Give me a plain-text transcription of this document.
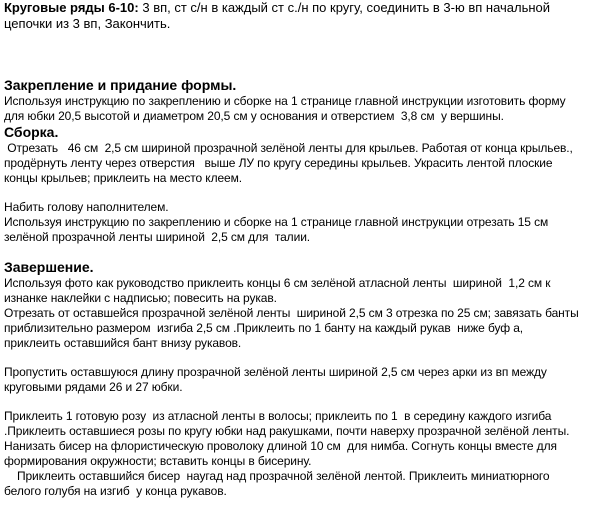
Круговые ряды 6-10: 3 вп, ст с/н в каждый ст с./н по кругу, соединить в 3-ю вп начальной цепочки из 3 вп, Закончить.

Закрепление и придание формы.

Используя инструкцию по закреплению и сборке на 1 странице главной инструкции изготовить форму для юбки 20,5 высотой и диаметром 20,5 см у основания и отверстием  3,8 см  у вершины.

Сборка.

Отрезать   46 см  2,5 см шириной прозрачной зелёной ленты для крыльев. Работая от конца крыльев., продёрнуть ленту через отверстия   выше ЛУ по кругу середины крыльев. Украсить лентой плоские концы крыльев; приклеить на место клеем.

Набить голову наполнителем.

Используя инструкцию по закреплению и сборке на 1 странице главной инструкции отрезать 15 см зелёной прозрачной ленты шириной  2,5 см для  талии.

Завершение.

Используя фото как руководство приклеить концы 6 см зелёной атласной ленты  шириной  1,2 см к изнанке наклейки с надписью; повесить на рукав.

Отрезать от оставшейся прозрачной зелёной ленты  шириной 2,5 см 3 отрезка по 25 см; завязать банты приблизительно размером  изгиба 2,5 см .Приклеить по 1 банту на каждый рукав  ниже буф а, приклеить оставшийся бант внизу рукавов.

Пропустить оставшуюся длину прозрачной зелёной ленты шириной 2,5 см через арки из вп между круговыми рядами 26 и 27 юбки.

Приклеить 1 готовую розу  из атласной ленты в волосы; приклеить по 1  в середину каждого изгиба .Приклеить оставшиеся розы по кругу юбки над ракушками, почти наверху прозрачной зелёной ленты.

Нанизать бисер на флористическую проволоку длиной 10 см  для нимба. Согнуть концы вместе для формирования окружности; вставить концы в бисерину.

Приклеить оставшийся бисер  наугад над прозрачной зелёной лентой. Приклеить миниатюрного белого голубя на изгиб  у конца рукавов.
